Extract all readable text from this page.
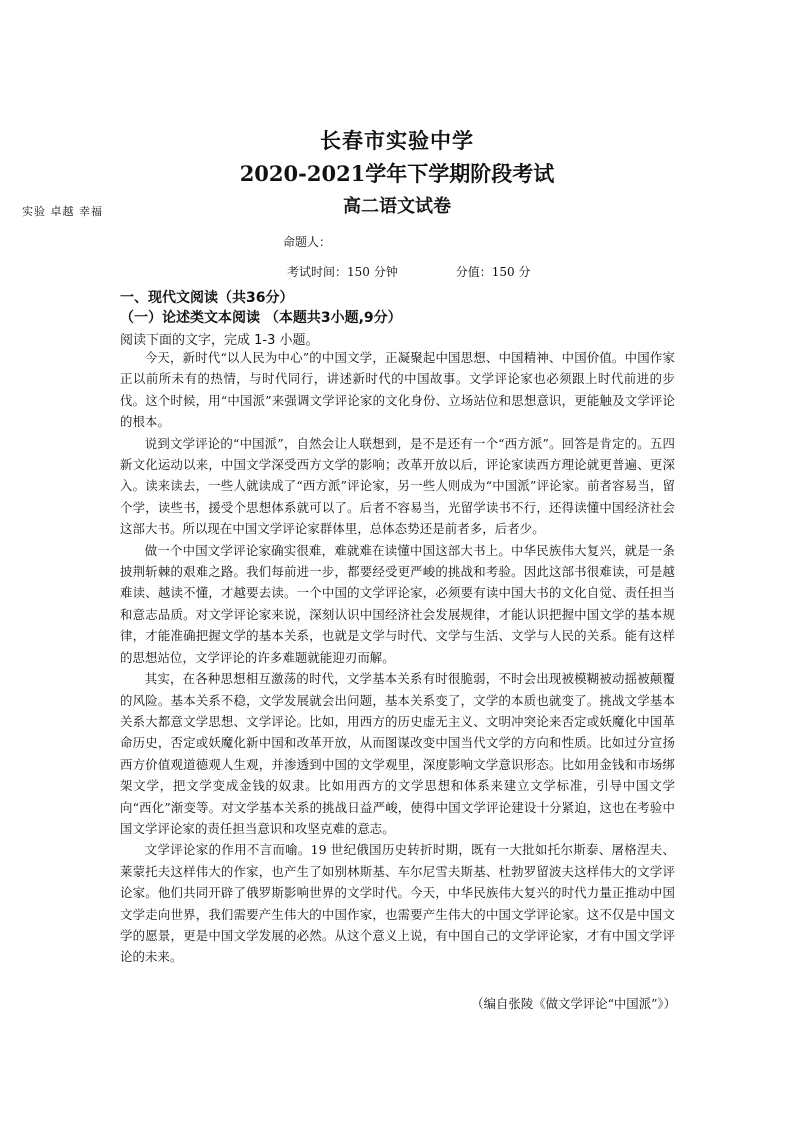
长春市实验中学
2020-2021学年下学期阶段考试
实验 卓越 幸福	高二语文试卷
命题人：
考试时间：150 分钟	分值：150 分
一、现代文阅读（共36分）
（一）论述类文本阅读 （本题共3小题,9分）
阅读下面的文字，完成 1-3 小题。

今天，新时代“以人民为中心”的中国文学，正凝聚起中国思想、中国精神、中国价值。中国作家正以前所未有的热情，与时代同行，讲述新时代的中国故事。文学评论家也必须跟上时代前进的步伐。这个时候，用“中国派”来强调文学评论家的文化身份、立场站位和思想意识，更能触及文学评论的根本。

说到文学评论的“中国派”，自然会让人联想到，是不是还有一个“西方派”。回答是肯定的。五四新文化运动以来，中国文学深受西方文学的影响；改革开放以后，评论家读西方理论就更普遍、更深入。读来读去，一些人就读成了“西方派”评论家，另一些人则成为“中国派”评论家。前者容易当，留个学，读些书，援受个思想体系就可以了。后者不容易当，光留学读书不行，还得读懂中国经济社会这部大书。所以现在中国文学评论家群体里，总体态势还是前者多，后者少。

做一个中国文学评论家确实很难，难就难在读懂中国这部大书上。中华民族伟大复兴，就是一条披荆斩棘的艰难之路。我们每前进一步，都要经受更严峻的挑战和考验。因此这部书很难读，可是越难读、越读不懂，才越要去读。一个中国的文学评论家，必须要有读中国大书的文化自觉、责任担当和意志品质。对文学评论家来说，深刻认识中国经济社会发展规律，才能认识把握中国文学的基本规律，才能准确把握文学的基本关系，也就是文学与时代、文学与生活、文学与人民的关系。能有这样的思想站位，文学评论的许多难题就能迎刃而解。

其实，在各种思想相互激荡的时代，文学基本关系有时很脆弱，不时会出现被模糊被动摇被颠覆的风险。基本关系不稳，文学发展就会出问题，基本关系变了，文学的本质也就变了。挑战文学基本关系大都意文学思想、文学评论。比如，用西方的历史虚无主义、文明冲突论来否定或妖魔化中国革命历史，否定或妖魔化新中国和改革开放，从而图谋改变中国当代文学的方向和性质。比如过分宣扬西方价值观道德观人生观，并渗透到中国的文学观里，深度影响文学意识形态。比如用金钱和市场绑架文学，把文学变成金钱的奴隶。比如用西方的文学思想和体系来建立文学标准，引导中国文学向“西化”渐变等。对文学基本关系的挑战日益严峻，使得中国文学评论建设十分紧迫，这也在考验中国文学评论家的责任担当意识和攻坚克难的意志。

文学评论家的作用不言而喻。19 世纪俄国历史转折时期，既有一大批如托尔斯泰、屠格涅夫、莱蒙托夫这样伟大的作家，也产生了如别林斯基、车尔尼雪夫斯基、杜勃罗留波夫这样伟大的文学评论家。他们共同开辟了俄罗斯影响世界的文学时代。今天，中华民族伟大复兴的时代力量正推动中国文学走向世界，我们需要产生伟大的中国作家，也需要产生伟大的中国文学评论家。这不仅是中国文学的愿景，更是中国文学发展的必然。从这个意义上说，有中国自己的文学评论家，才有中国文学评论的未来。

（编自张陵《做文学评论“中国派”》）
